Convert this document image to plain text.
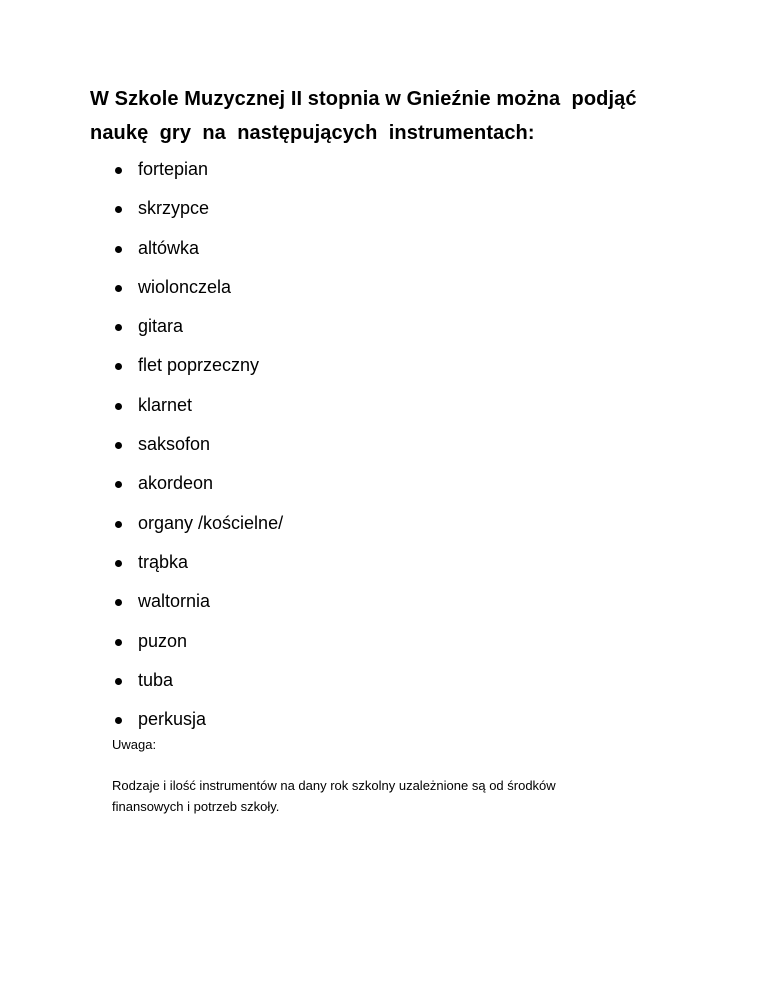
W Szkole Muzycznej II stopnia w Gnieźnie można  podjąć
naukę  gry  na  następujących  instrumentach:
fortepian
skrzypce
altówka
wiolonczela
gitara
flet poprzeczny
klarnet
saksofon
akordeon
organy /kościelne/
trąbka
waltornia
puzon
tuba
perkusja

Uwaga:

Rodzaje i ilość instrumentów na dany rok szkolny uzależnione są od środków
finansowych i potrzeb szkoły.
